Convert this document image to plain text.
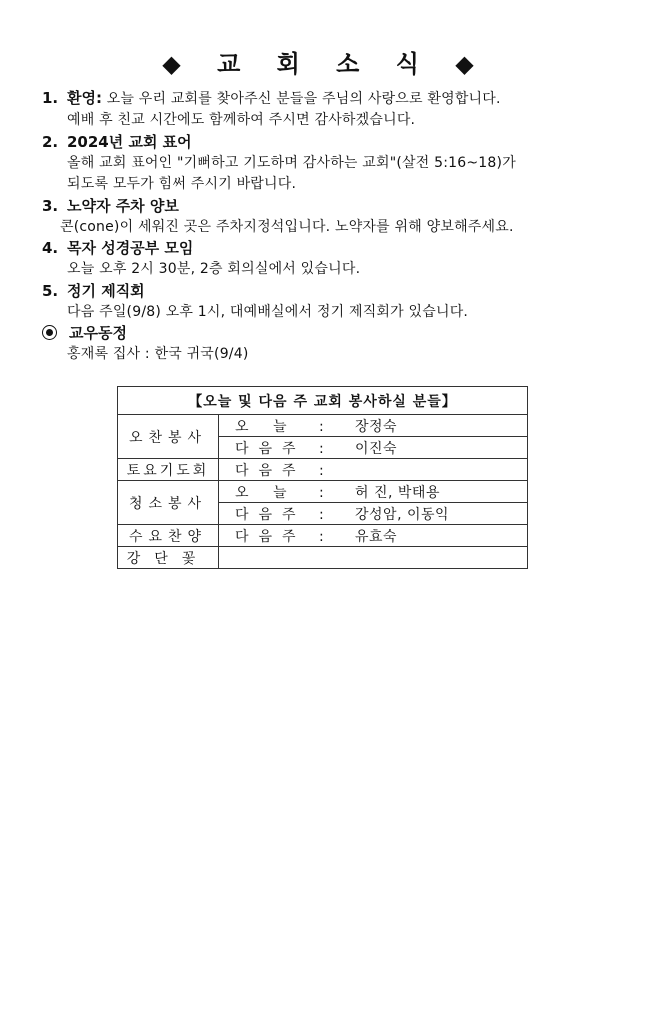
◆ 교 회 소 식 ◆
1. 환영: 오늘 우리 교회를 찾아주신 분들을 주님의 사랑으로 환영합니다.
예배 후 친교 시간에도 함께하여 주시면 감사하겠습니다.
2. 2024년 교회 표어
올해 교회 표어인 "기뻐하고 기도하며 감사하는 교회"(살전 5:16~18)가
되도록 모두가 힘써 주시기 바랍니다.
3. 노약자 주차 양보
콘(cone)이 세워진 곳은 주차지정석입니다. 노약자를 위해 양보해주세요.
4. 목자 성경공부 모임
오늘 오후 2시 30분, 2층 회의실에서 있습니다.
5. 정기 제직회
다음 주일(9/8) 오후 1시, 대예배실에서 정기 제직회가 있습니다.
교우동정
홍재록 집사 : 한국 귀국(9/4)
【오늘 및 다음 주 교회 봉사하실 분들】	
오찬봉사	오 늘 : 장정숙
	다음주 : 이진숙
토요기도회	다음주 :
청소봉사	오 늘 : 허 진, 박태용
	다음주 : 강성암, 이동익
수요찬양	다음주 : 유효숙
강단꽃	
